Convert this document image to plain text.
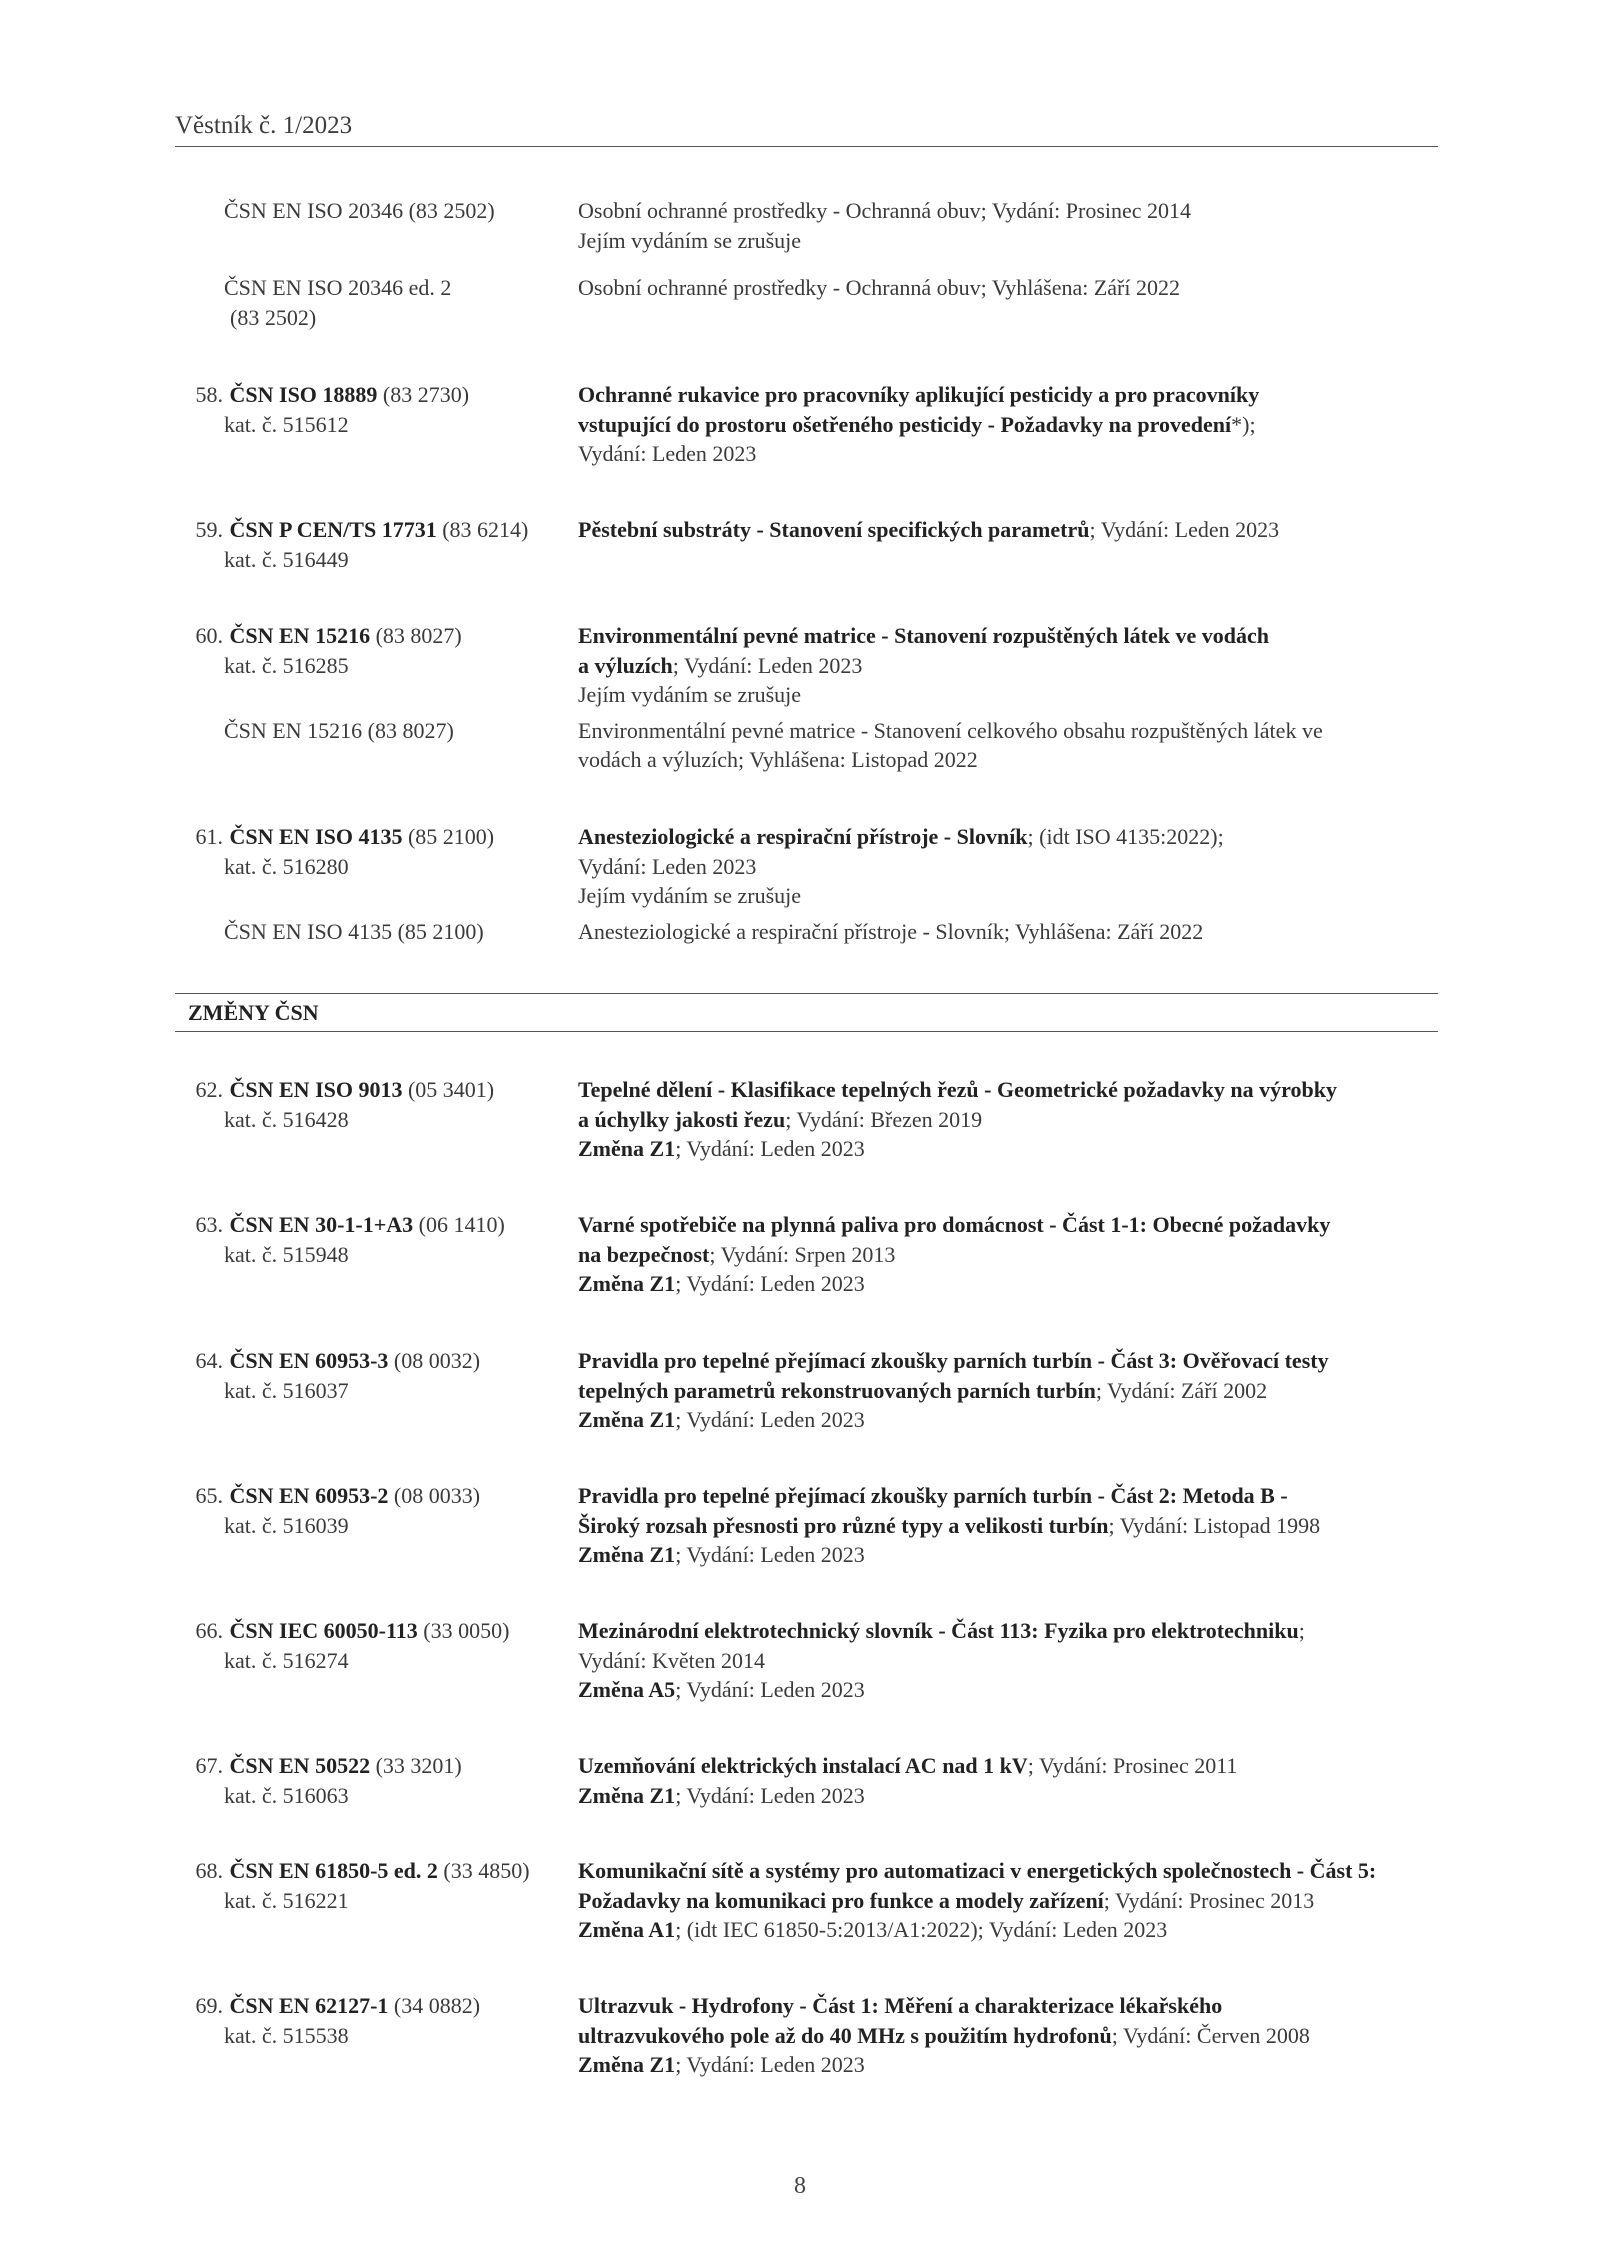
Věstník č. 1/2023
ČSN EN ISO 20346 (83 2502)	Osobní ochranné prostředky - Ochranná obuv; Vydání: Prosinec 2014
Jejím vydáním se zrušuje
ČSN EN ISO 20346 ed. 2
(83 2502)
Osobní ochranné prostředky - Ochranná obuv; Vyhlášena: Září 2022
58. ČSN ISO 18889 (83 2730)
kat. č. 515612
Ochranné rukavice pro pracovníky aplikující pesticidy a pro pracovníky
vstupující do prostoru ošetřeného pesticidy - Požadavky na provedení*);
Vydání: Leden 2023
59. ČSN P CEN/TS 17731 (83 6214)
kat. č. 516449
Pěstební substráty - Stanovení specifických parametrů; Vydání: Leden 2023
60. ČSN EN 15216 (83 8027)
kat. č. 516285
ČSN EN 15216 (83 8027)
Environmentální pevné matrice - Stanovení rozpuštěných látek ve vodách
a výluzích; Vydání: Leden 2023
Jejím vydáním se zrušuje
Environmentální pevné matrice - Stanovení celkového obsahu rozpuštěných látek ve
vodách a výluzích; Vyhlášena: Listopad 2022
61. ČSN EN ISO 4135 (85 2100)
kat. č. 516280
ČSN EN ISO 4135 (85 2100)
Anesteziologické a respirační přístroje - Slovník; (idt ISO 4135:2022);
Vydání: Leden 2023
Jejím vydáním se zrušuje
Anesteziologické a respirační přístroje - Slovník; Vyhlášena: Září 2022
ZMĚNY ČSN
62. ČSN EN ISO 9013 (05 3401)
kat. č. 516428
Tepelné dělení - Klasifikace tepelných řezů - Geometrické požadavky na výrobky
a úchylky jakosti řezu; Vydání: Březen 2019
Změna Z1; Vydání: Leden 2023
63. ČSN EN 30-1-1+A3 (06 1410)
kat. č. 515948
Varné spotřebiče na plynná paliva pro domácnost - Část 1-1: Obecné požadavky
na bezpečnost; Vydání: Srpen 2013
Změna Z1; Vydání: Leden 2023
64. ČSN EN 60953-3 (08 0032)
kat. č. 516037
Pravidla pro tepelné přejímací zkoušky parních turbín - Část 3: Ověřovací testy
tepelných parametrů rekonstruovaných parních turbín; Vydání: Září 2002
Změna Z1; Vydání: Leden 2023
65. ČSN EN 60953-2 (08 0033)
kat. č. 516039
Pravidla pro tepelné přejímací zkoušky parních turbín - Část 2: Metoda B -
Široký rozsah přesnosti pro různé typy a velikosti turbín; Vydání: Listopad 1998
Změna Z1; Vydání: Leden 2023
66. ČSN IEC 60050-113 (33 0050)
kat. č. 516274
Mezinárodní elektrotechnický slovník - Část 113: Fyzika pro elektrotechniku;
Vydání: Květen 2014
Změna A5; Vydání: Leden 2023
67. ČSN EN 50522 (33 3201)
kat. č. 516063
Uzemňování elektrických instalací AC nad 1 kV; Vydání: Prosinec 2011
Změna Z1; Vydání: Leden 2023
68. ČSN EN 61850-5 ed. 2 (33 4850)
kat. č. 516221
Komunikační sítě a systémy pro automatizaci v energetických společnostech - Část 5:
Požadavky na komunikaci pro funkce a modely zařízení; Vydání: Prosinec 2013
Změna A1; (idt IEC 61850-5:2013/A1:2022); Vydání: Leden 2023
69. ČSN EN 62127-1 (34 0882)
kat. č. 515538
Ultrazvuk - Hydrofony - Část 1: Měření a charakterizace lékařského
ultrazvukového pole až do 40 MHz s použitím hydrofonů; Vydání: Červen 2008
Změna Z1; Vydání: Leden 2023
8
